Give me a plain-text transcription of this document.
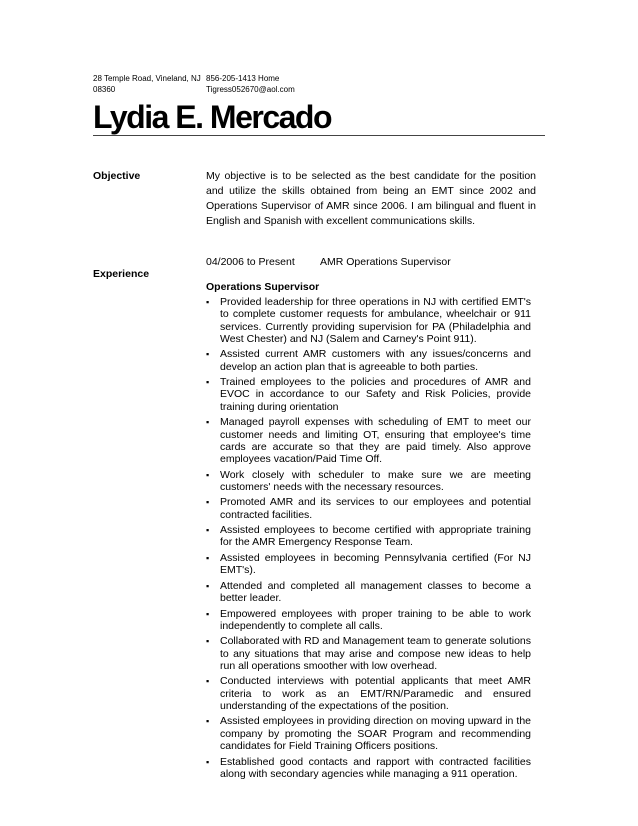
28 Temple Road, Vineland, NJ
08360
856-205-1413 Home
Tigress052670@aol.com
Lydia E. Mercado
Objective	My objective is to be selected as the best candidate for the position and utilize the skills obtained from being an EMT since 2002 and Operations Supervisor of AMR since 2006. I am bilingual and fluent in English and Spanish with excellent communications skills.
Experience
04/2006 to Present AMR Operations Supervisor
Operations Supervisor
▪ Provided leadership for three operations in NJ with certified EMT's to complete customer requests for ambulance, wheelchair or 911 services. Currently providing supervision for PA (Philadelphia and West Chester) and NJ (Salem and Carney's Point 911).
▪ Assisted current AMR customers with any issues/concerns and develop an action plan that is agreeable to both parties.
▪ Trained employees to the policies and procedures of AMR and EVOC in accordance to our Safety and Risk Policies, provide training during orientation
▪ Managed payroll expenses with scheduling of EMT to meet our customer needs and limiting OT, ensuring that employee's time cards are accurate so that they are paid timely. Also approve employees vacation/Paid Time Off.
▪ Work closely with scheduler to make sure we are meeting customers' needs with the necessary resources.
▪ Promoted AMR and its services to our employees and potential contracted facilities.
▪ Assisted employees to become certified with appropriate training for the AMR Emergency Response Team.
▪ Assisted employees in becoming Pennsylvania certified (For NJ EMT's).
▪ Attended and completed all management classes to become a better leader.
▪ Empowered employees with proper training to be able to work independently to complete all calls.
▪ Collaborated with RD and Management team to generate solutions to any situations that may arise and compose new ideas to help run all operations smoother with low overhead.
▪ Conducted interviews with potential applicants that meet AMR criteria to work as an EMT/RN/Paramedic and ensured understanding of the expectations of the position.
▪ Assisted employees in providing direction on moving upward in the company by promoting the SOAR Program and recommending candidates for Field Training Officers positions.
▪ Established good contacts and rapport with contracted facilities along with secondary agencies while managing a 911 operation.
